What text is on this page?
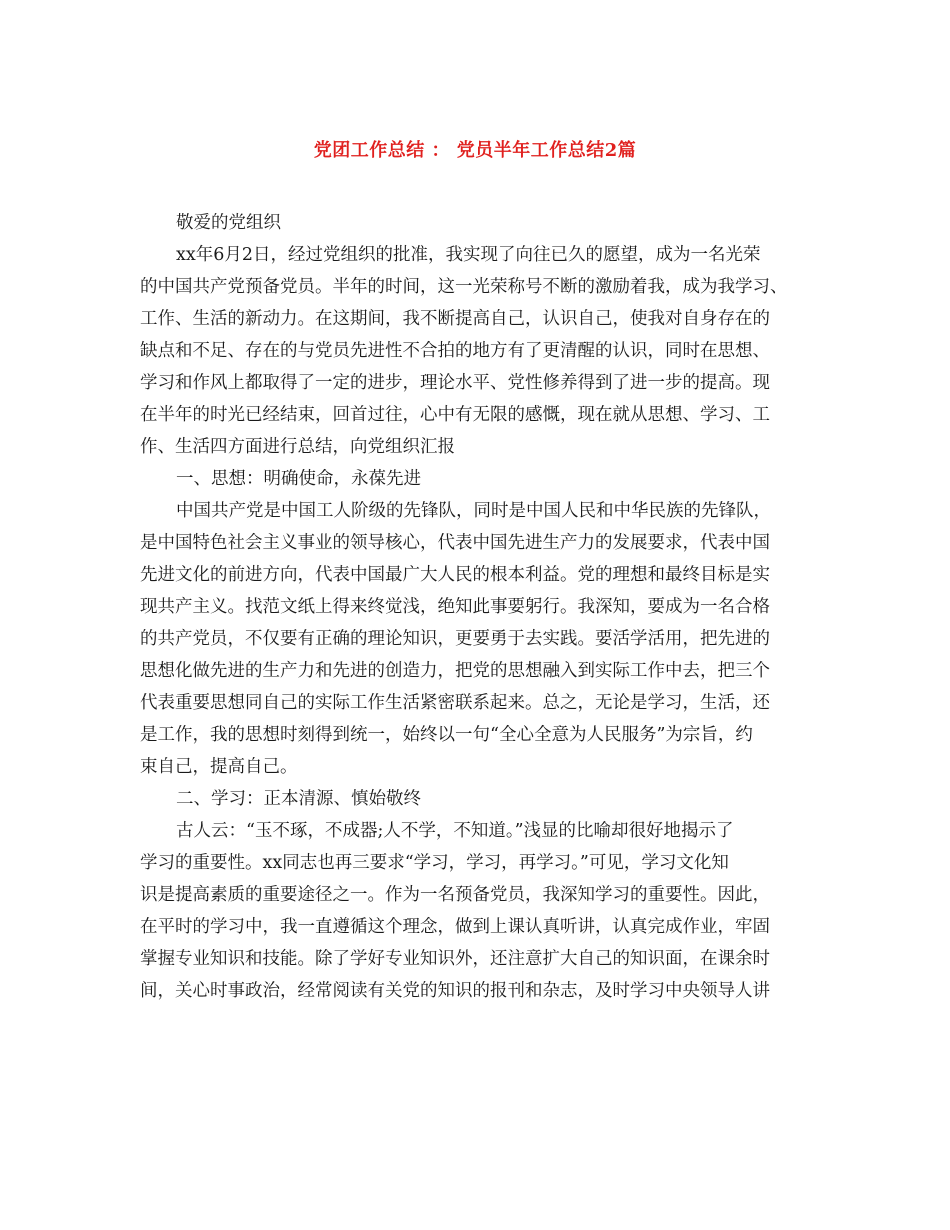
党团工作总结 ： 党员半年工作总结2篇
敬爱的党组织
xx年6月2日，经过党组织的批准，我实现了向往已久的愿望，成为一名光荣
的中国共产党预备党员。半年的时间，这一光荣称号不断的激励着我，成为我学习、
工作、生活的新动力。在这期间，我不断提高自己，认识自己，使我对自身存在的
缺点和不足、存在的与党员先进性不合拍的地方有了更清醒的认识，同时在思想、
学习和作风上都取得了一定的进步，理论水平、党性修养得到了进一步的提高。现
在半年的时光已经结束，回首过往，心中有无限的感慨，现在就从思想、学习、工
作、生活四方面进行总结，向党组织汇报
一、思想：明确使命，永葆先进
中国共产党是中国工人阶级的先锋队，同时是中国人民和中华民族的先锋队，
是中国特色社会主义事业的领导核心，代表中国先进生产力的发展要求，代表中国
先进文化的前进方向，代表中国最广大人民的根本利益。党的理想和最终目标是实
现共产主义。找范文纸上得来终觉浅，绝知此事要躬行。我深知，要成为一名合格
的共产党员，不仅要有正确的理论知识，更要勇于去实践。要活学活用，把先进的
思想化做先进的生产力和先进的创造力，把党的思想融入到实际工作中去，把三个
代表重要思想同自己的实际工作生活紧密联系起来。总之，无论是学习，生活，还
是工作，我的思想时刻得到统一，始终以一句“全心全意为人民服务”为宗旨，约
束自己，提高自己。
二、学习：正本清源、慎始敬终
古人云：“玉不琢，不成器;人不学，不知道。”浅显的比喻却很好地揭示了
学习的重要性。xx同志也再三要求“学习，学习，再学习。”可见，学习文化知
识是提高素质的重要途径之一。作为一名预备党员，我深知学习的重要性。因此，
在平时的学习中，我一直遵循这个理念，做到上课认真听讲，认真完成作业，牢固
掌握专业知识和技能。除了学好专业知识外，还注意扩大自己的知识面，在课余时
间，关心时事政治，经常阅读有关党的知识的报刊和杂志，及时学习中央领导人讲
